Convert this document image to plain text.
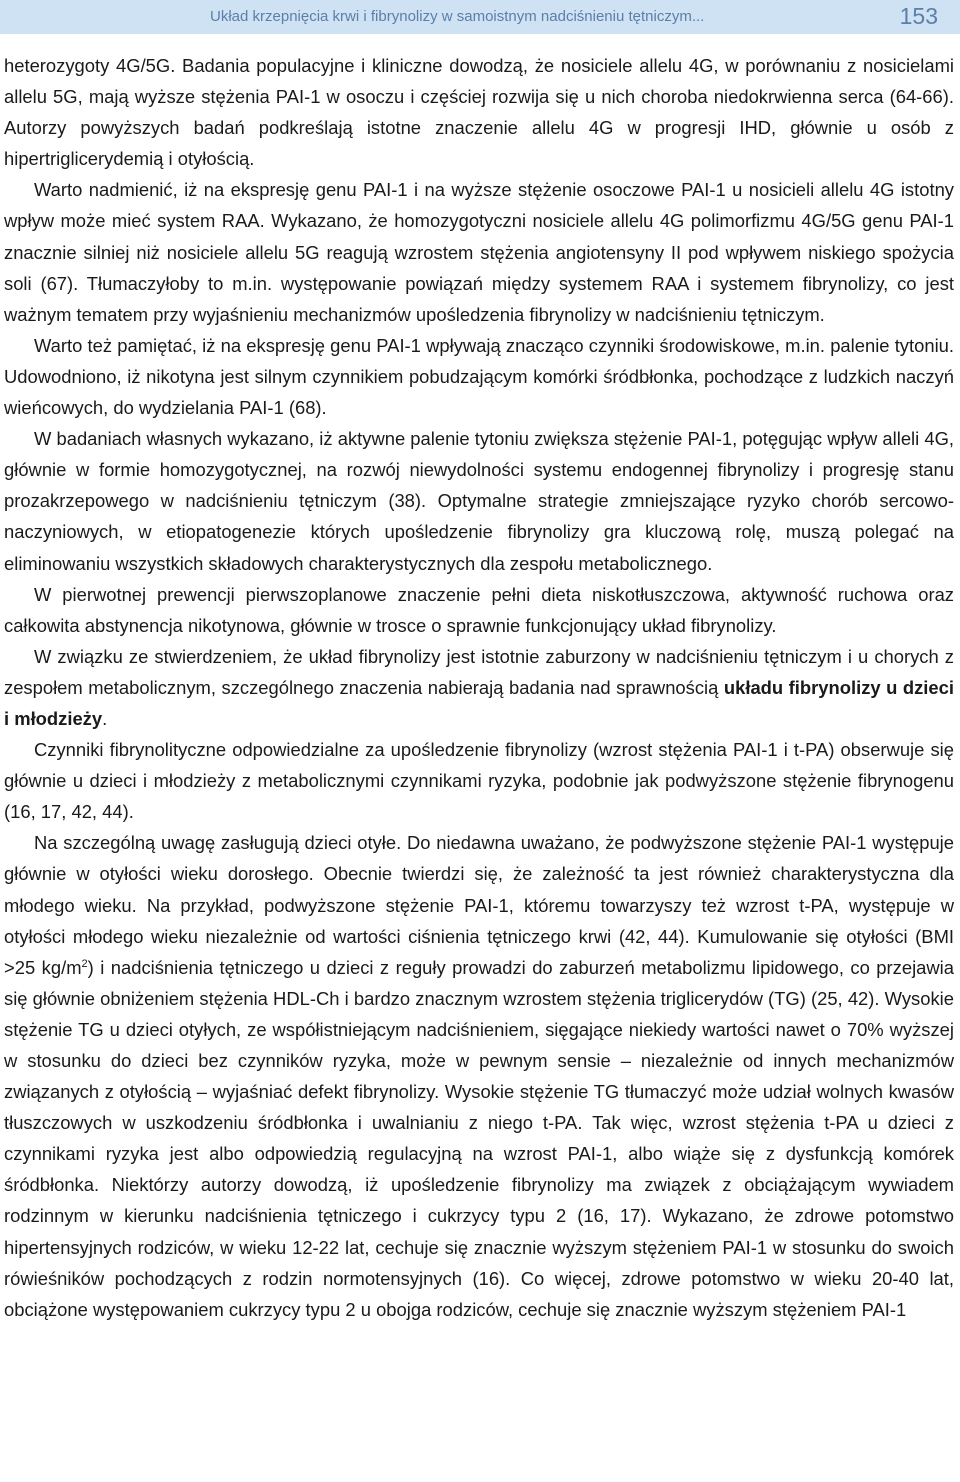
Układ krzepnięcia krwi i fibrynolizy w samoistnym nadciśnieniu tętniczym...	153

heterozygoty 4G/5G. Badania populacyjne i kliniczne dowodzą, że nosiciele allelu 4G, w porównaniu z nosicielami allelu 5G, mają wyższe stężenia PAI-1 w osoczu i częściej rozwija się u nich choroba niedokrwienna serca (64-66). Autorzy powyższych badań podkreślają istotne znaczenie allelu 4G w progresji IHD, głównie u osób z hipertriglicerydemią i otyłością.

Warto nadmienić, iż na ekspresję genu PAI-1 i na wyższe stężenie osoczowe PAI-1 u nosicieli allelu 4G istotny wpływ może mieć system RAA. Wykazano, że homozygotyczni nosiciele allelu 4G polimorfizmu 4G/5G genu PAI-1 znacznie silniej niż nosiciele allelu 5G reagują wzrostem stężenia angiotensyny II pod wpływem niskiego spożycia soli (67). Tłumaczyłoby to m.in. występowanie powiązań między systemem RAA i systemem fibrynolizy, co jest ważnym tematem przy wyjaśnieniu mechanizmów upośledzenia fibrynolizy w nadciśnieniu tętniczym.

Warto też pamiętać, iż na ekspresję genu PAI-1 wpływają znacząco czynniki środowiskowe, m.in. palenie tytoniu. Udowodniono, iż nikotyna jest silnym czynnikiem pobudzającym komórki śródbłonka, pochodzące z ludzkich naczyń wieńcowych, do wydzielania PAI-1 (68).

W badaniach własnych wykazano, iż aktywne palenie tytoniu zwiększa stężenie PAI-1, potęgując wpływ alleli 4G, głównie w formie homozygotycznej, na rozwój niewydolności systemu endogennej fibrynolizy i progresję stanu prozakrzepowego w nadciśnieniu tętniczym (38). Optymalne strategie zmniejszające ryzyko chorób sercowo-naczyniowych, w etiopatogenezie których upośledzenie fibrynolizy gra kluczową rolę, muszą polegać na eliminowaniu wszystkich składowych charakterystycznych dla zespołu metabolicznego.

W pierwotnej prewencji pierwszoplanowe znaczenie pełni dieta niskotłuszczowa, aktywność ruchowa oraz całkowita abstynencja nikotynowa, głównie w trosce o sprawnie funkcjonujący układ fibrynolizy.

W związku ze stwierdzeniem, że układ fibrynolizy jest istotnie zaburzony w nadciśnieniu tętniczym i u chorych z zespołem metabolicznym, szczególnego znaczenia nabierają badania nad sprawnością układu fibrynolizy u dzieci i młodzieży.

Czynniki fibrynolityczne odpowiedzialne za upośledzenie fibrynolizy (wzrost stężenia PAI-1 i t-PA) obserwuje się głównie u dzieci i młodzieży z metabolicznymi czynnikami ryzyka, podobnie jak podwyższone stężenie fibrynogenu (16, 17, 42, 44).

Na szczególną uwagę zasługują dzieci otyłe. Do niedawna uważano, że podwyższone stężenie PAI-1 występuje głównie w otyłości wieku dorosłego. Obecnie twierdzi się, że zależność ta jest również charakterystyczna dla młodego wieku. Na przykład, podwyższone stężenie PAI-1, któremu towarzyszy też wzrost t-PA, występuje w otyłości młodego wieku niezależnie od wartości ciśnienia tętniczego krwi (42, 44). Kumulowanie się otyłości (BMI >25 $kg/m^2$) i nadciśnienia tętniczego u dzieci z reguły prowadzi do zaburzeń metabolizmu lipidowego, co przejawia się głównie obniżeniem stężenia HDL-Ch i bardzo znacznym wzrostem stężenia triglicerydów (TG) (25, 42). Wysokie stężenie TG u dzieci otyłych, ze współistniejącym nadciśnieniem, sięgające niekiedy wartości nawet o 70% wyższej w stosunku do dzieci bez czynników ryzyka, może w pewnym sensie – niezależnie od innych mechanizmów związanych z otyłością – wyjaśniać defekt fibrynolizy. Wysokie stężenie TG tłumaczyć może udział wolnych kwasów tłuszczowych w uszkodzeniu śródbłonka i uwalnianiu z niego t-PA. Tak więc, wzrost stężenia t-PA u dzieci z czynnikami ryzyka jest albo odpowiedzią regulacyjną na wzrost PAI-1, albo wiąże się z dysfunkcją komórek śródbłonka. Niektórzy autorzy dowodzą, iż upośledzenie fibrynolizy ma związek z obciążającym wywiadem rodzinnym w kierunku nadciśnienia tętniczego i cukrzycy typu 2 (16, 17). Wykazano, że zdrowe potomstwo hipertensyjnych rodziców, w wieku 12-22 lat, cechuje się znacznie wyższym stężeniem PAI-1 w stosunku do swoich rówieśników pochodzących z rodzin normotensyjnych (16). Co więcej, zdrowe potomstwo w wieku 20-40 lat, obciążone występowaniem cukrzycy typu 2 u obojga rodziców, cechuje się znacznie wyższym stężeniem PAI-1
